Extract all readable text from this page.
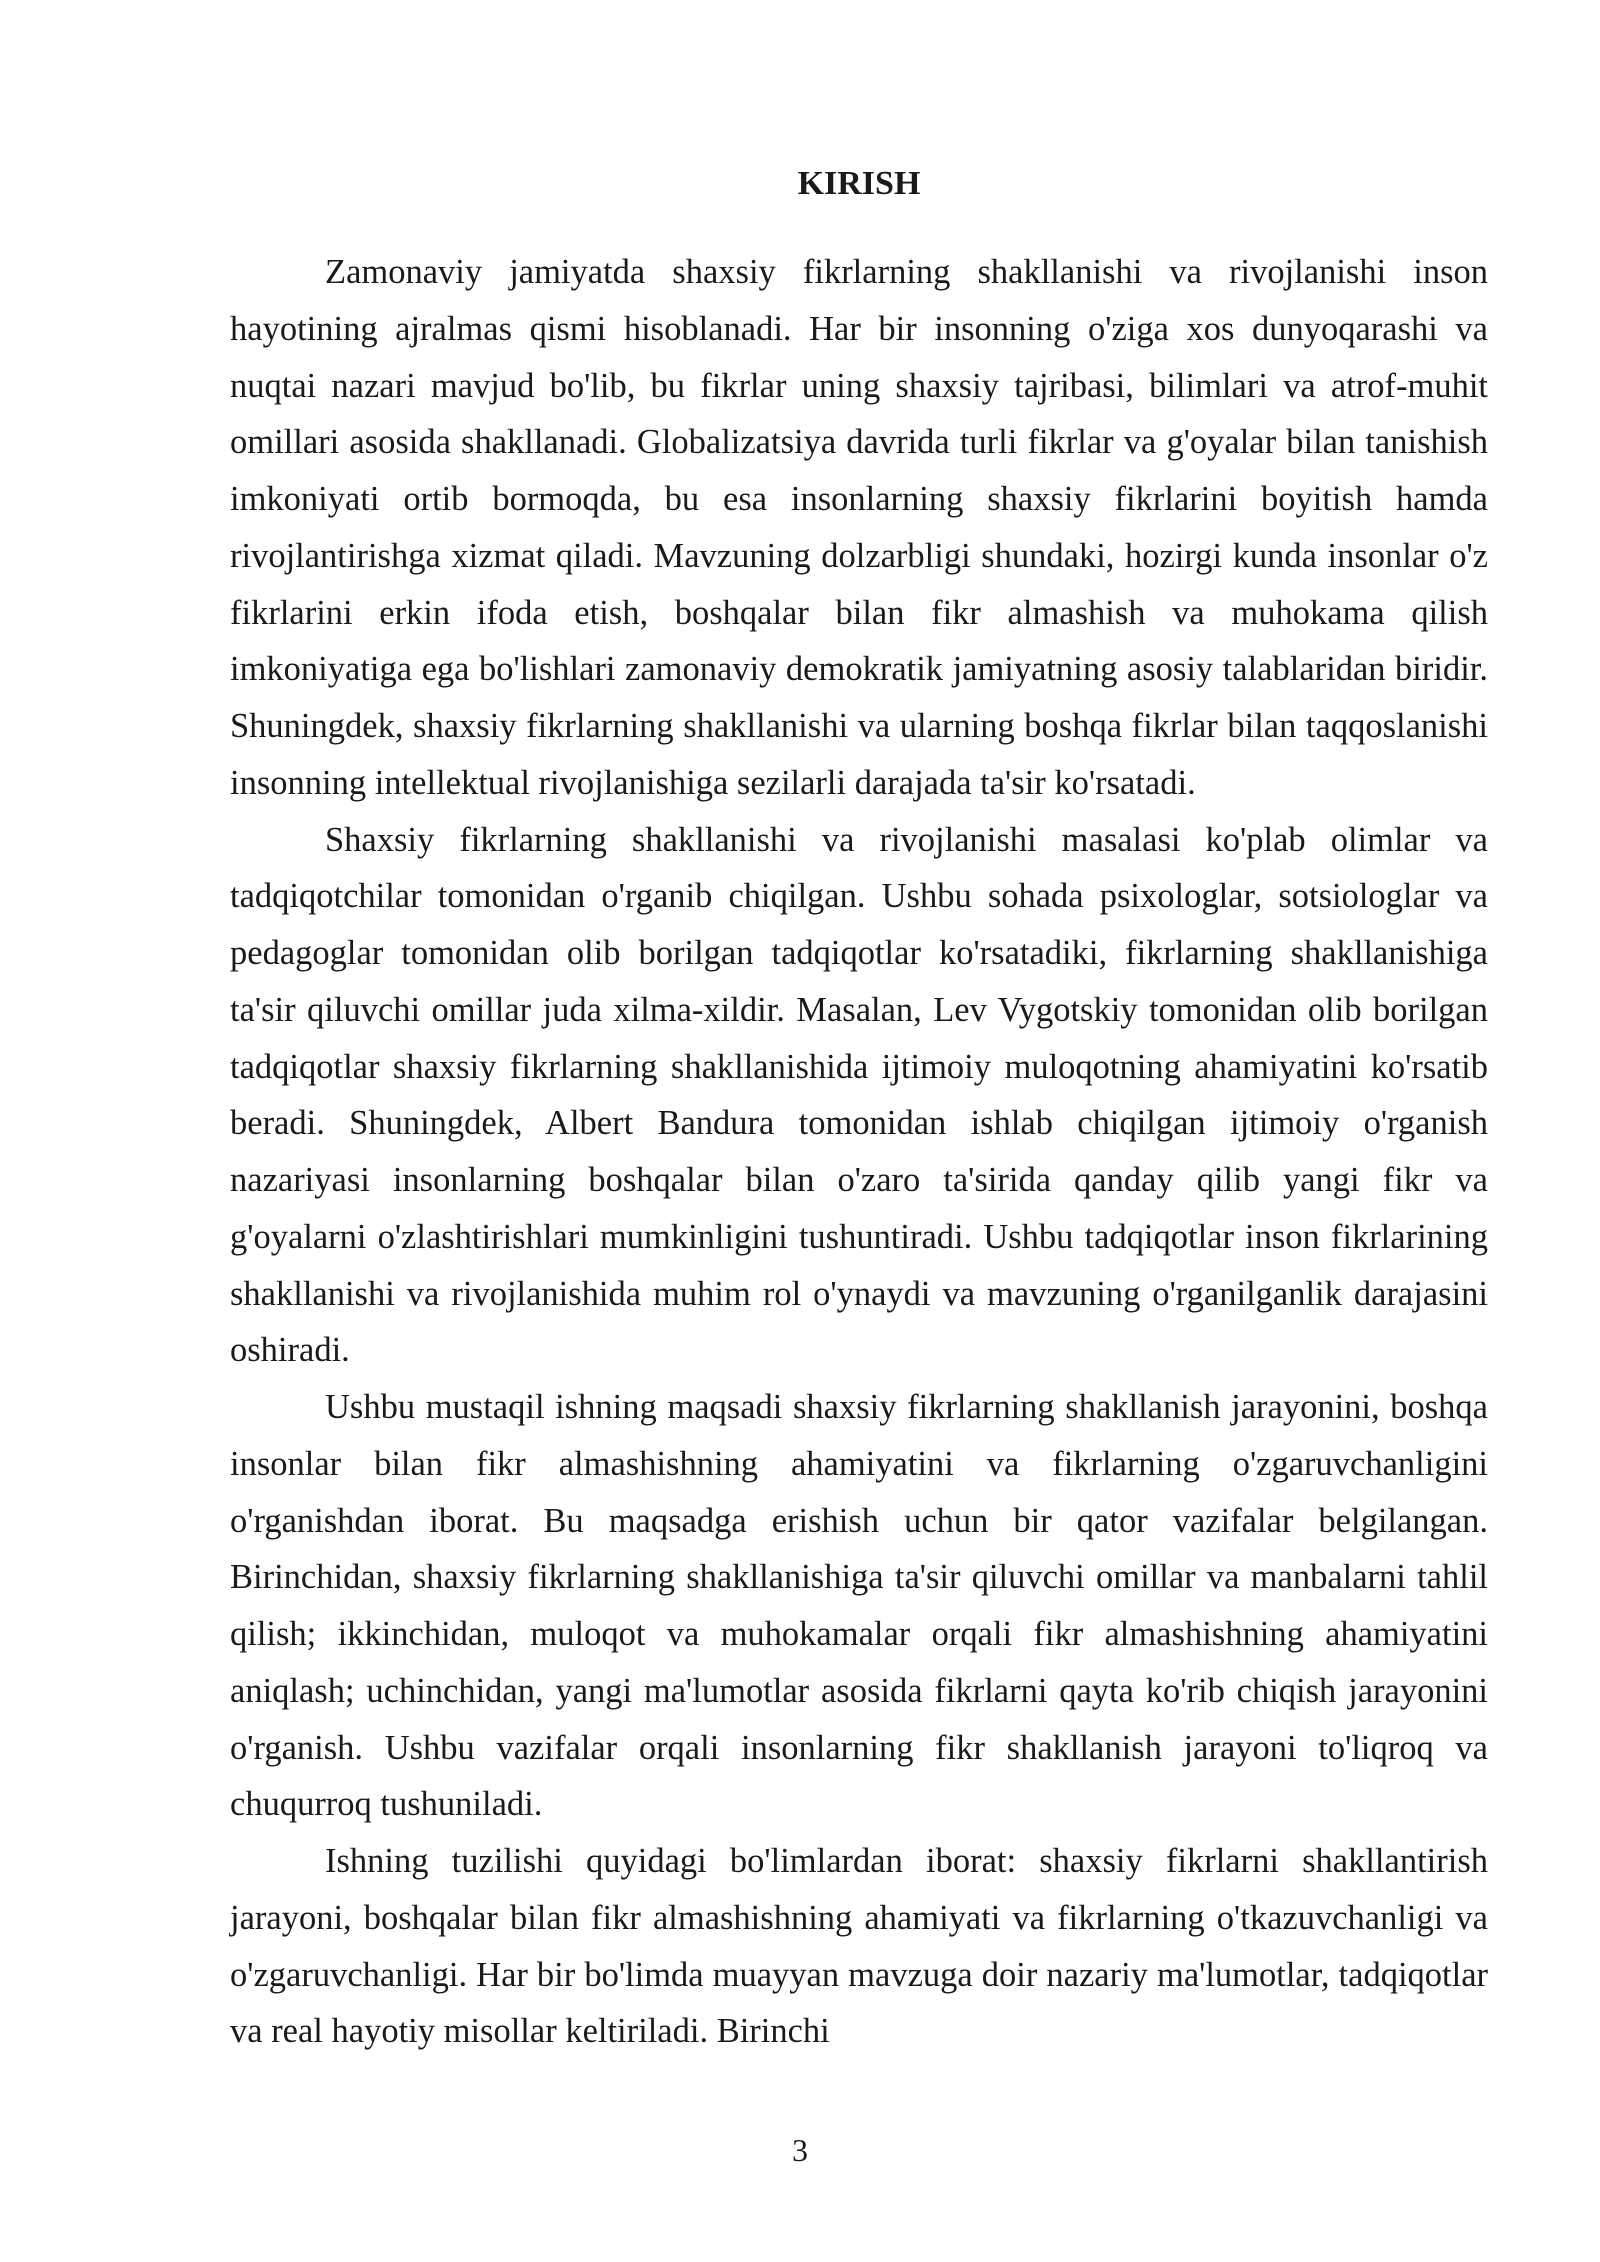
KIRISH

Zamonaviy jamiyatda shaxsiy fikrlarning shakllanishi va rivojlanishi inson hayotining ajralmas qismi hisoblanadi. Har bir insonning o'ziga xos dunyoqarashi va nuqtai nazari mavjud bo'lib, bu fikrlar uning shaxsiy tajribasi, bilimlari va atrof-muhit omillari asosida shakllanadi. Globalizatsiya davrida turli fikrlar va g'oyalar bilan tanishish imkoniyati ortib bormoqda, bu esa insonlarning shaxsiy fikrlarini boyitish hamda rivojlantirishga xizmat qiladi. Mavzuning dolzarbligi shundaki, hozirgi kunda insonlar o'z fikrlarini erkin ifoda etish, boshqalar bilan fikr almashish va muhokama qilish imkoniyatiga ega bo'lishlari zamonaviy demokratik jamiyatning asosiy talablaridan biridir. Shuningdek, shaxsiy fikrlarning shakllanishi va ularning boshqa fikrlar bilan taqqoslanishi insonning intellektual rivojlanishiga sezilarli darajada ta'sir ko'rsatadi.

Shaxsiy fikrlarning shakllanishi va rivojlanishi masalasi ko'plab olimlar va tadqiqotchilar tomonidan o'rganib chiqilgan. Ushbu sohada psixologlar, sotsiologlar va pedagoglar tomonidan olib borilgan tadqiqotlar ko'rsatadiki, fikrlarning shakllanishiga ta'sir qiluvchi omillar juda xilma-xildir. Masalan, Lev Vygotskiy tomonidan olib borilgan tadqiqotlar shaxsiy fikrlarning shakllanishida ijtimoiy muloqotning ahamiyatini ko'rsatib beradi. Shuningdek, Albert Bandura tomonidan ishlab chiqilgan ijtimoiy o'rganish nazariyasi insonlarning boshqalar bilan o'zaro ta'sirida qanday qilib yangi fikr va g'oyalarni o'zlashtirishlari mumkinligini tushuntiradi. Ushbu tadqiqotlar inson fikrlarining shakllanishi va rivojlanishida muhim rol o'ynaydi va mavzuning o'rganilganlik darajasini oshiradi.

Ushbu mustaqil ishning maqsadi shaxsiy fikrlarning shakllanish jarayonini, boshqa insonlar bilan fikr almashishning ahamiyatini va fikrlarning o'zgaruvchanligini o'rganishdan iborat. Bu maqsadga erishish uchun bir qator vazifalar belgilangan. Birinchidan, shaxsiy fikrlarning shakllanishiga ta'sir qiluvchi omillar va manbalarni tahlil qilish; ikkinchidan, muloqot va muhokamalar orqali fikr almashishning ahamiyatini aniqlash; uchinchidan, yangi ma'lumotlar asosida fikrlarni qayta ko'rib chiqish jarayonini o'rganish. Ushbu vazifalar orqali insonlarning fikr shakllanish jarayoni to'liqroq va chuqurroq tushuniladi.

Ishning tuzilishi quyidagi bo'limlardan iborat: shaxsiy fikrlarni shakllantirish jarayoni, boshqalar bilan fikr almashishning ahamiyati va fikrlarning o'tkazuvchanligi va o'zgaruvchanligi. Har bir bo'limda muayyan mavzuga doir nazariy ma'lumotlar, tadqiqotlar va real hayotiy misollar keltiriladi. Birinchi

3
